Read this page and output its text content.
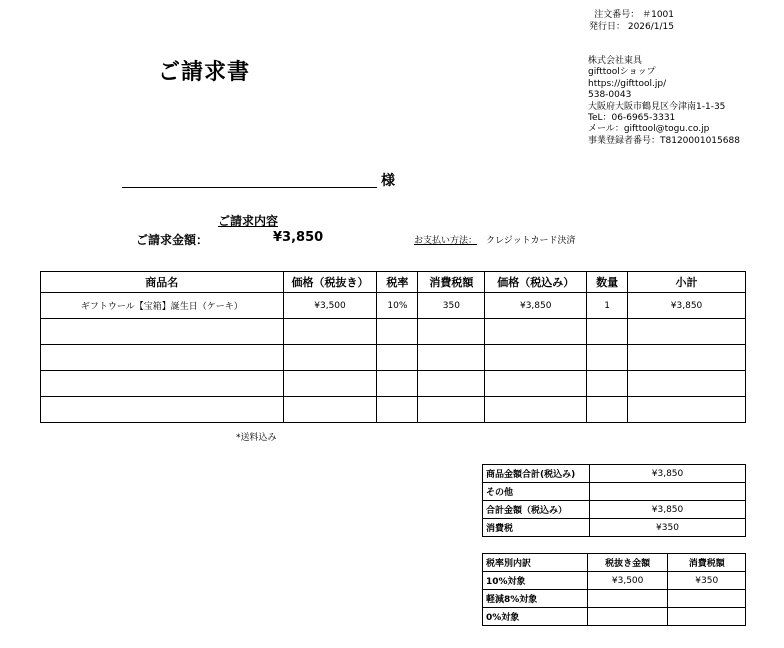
注文番号： ＃1001
発行日： 2026/1/15
株式会社東具
gifttoolショップ
https://gifttool.jp/
538-0043
大阪府大阪市鶴見区今津南1-1-35
TeL：06-6965-3331
メール：gifttool@togu.co.jp
事業登録者番号：T8120001015688
ご請求書
様
ご請求内容
ご請求金額：	¥3,850	お支払い方法： クレジットカード決済
商品名	価格（税抜き）	税率	消費税額	価格（税込み）	数量	小計
ギフトウール【宝箱】誕生日（ケーキ）	¥3,500	10%	350	¥3,850	1	¥3,850

*送料込み
商品金額合計(税込み)	¥3,850
その他	
合計金額（税込み）	¥3,850
消費税	¥350
税率別内訳	税抜き金額	消費税額
10%対象	¥3,500	¥350
軽減8%対象		
0%対象		
